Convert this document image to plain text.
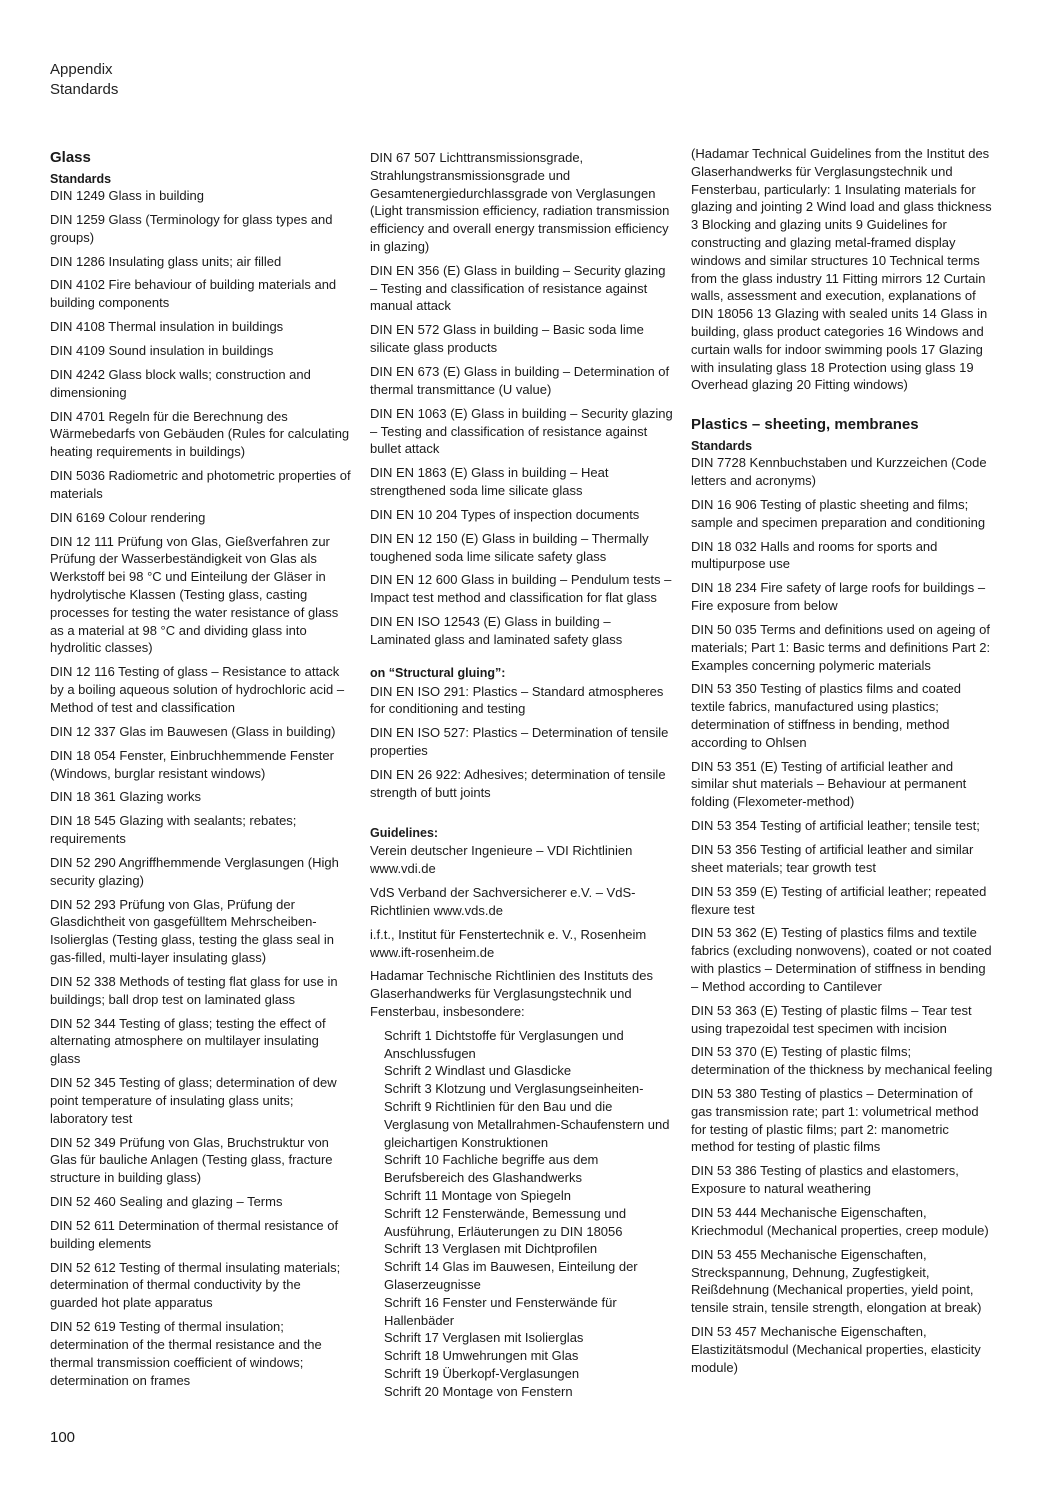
Appendix
Standards
Glass
Standards
DIN 1249 Glass in building
DIN 1259 Glass (Terminology for glass types and groups)
DIN 1286 Insulating glass units; air filled
DIN 4102 Fire behaviour of building materials and building components
DIN 4108 Thermal insulation in buildings
DIN 4109 Sound insulation in buildings
DIN 4242 Glass block walls; construction and dimensioning
DIN 4701 Regeln für die Berechnung des Wärmebedarfs von Gebäuden (Rules for calculating heating requirements in buildings)
DIN 5036 Radiometric and photometric properties of materials
DIN 6169 Colour rendering
DIN 12 111 Prüfung von Glas, Gießverfahren zur Prüfung der Wasserbeständigkeit von Glas als Werkstoff bei 98 °C und Einteilung der Gläser in hydrolytische Klassen (Testing glass, casting processes for testing the water resistance of glass as a material at 98 °C and dividing glass into hydrolitic classes)
DIN 12 116 Testing of glass – Resistance to attack by a boiling aqueous solution of hydrochloric acid – Method of test and classification
DIN 12 337 Glas im Bauwesen (Glass in building)
DIN 18 054 Fenster, Einbruchhemmende Fenster (Windows, burglar resistant windows)
DIN 18 361 Glazing works
DIN 18 545 Glazing with sealants; rebates; requirements
DIN 52 290 Angriffhemmende Verglasungen (High security glazing)
DIN 52 293 Prüfung von Glas, Prüfung der Glasdichtheit von gasgefülltem Mehrscheiben-Isolierglas (Testing glass, testing the glass seal in gas-filled, multi-layer insulating glass)
DIN 52 338 Methods of testing flat glass for use in buildings; ball drop test on laminated glass
DIN 52 344 Testing of glass; testing the effect of alternating atmosphere on multilayer insulating glass
DIN 52 345 Testing of glass; determination of dew point temperature of insulating glass units; laboratory test
DIN 52 349 Prüfung von Glas, Bruchstruktur von Glas für bauliche Anlagen (Testing glass, fracture structure in building glass)
DIN 52 460 Sealing and glazing – Terms
DIN 52 611 Determination of thermal resistance of building elements
DIN 52 612 Testing of thermal insulating materials; determination of thermal conductivity by the guarded hot plate apparatus
DIN 52 619 Testing of thermal insulation; determination of the thermal resistance and the thermal transmission coefficient of windows; determination on frames
DIN 67 507 Lichttransmissionsgrade, Strahlungstransmissionsgrade und Gesamtenergiedurchlassgrade von Verglasungen (Light transmission efficiency, radiation transmission efficiency and overall energy transmission efficiency in glazing)
DIN EN 356 (E) Glass in building – Security glazing – Testing and classification of resistance against manual attack
DIN EN 572 Glass in building – Basic soda lime silicate glass products
DIN EN 673 (E) Glass in building – Determination of thermal transmittance (U value)
DIN EN 1063 (E) Glass in building – Security glazing – Testing and classification of resistance against bullet attack
DIN EN 1863 (E) Glass in building – Heat strengthened soda lime silicate glass
DIN EN 10 204 Types of inspection documents
DIN EN 12 150 (E) Glass in building – Thermally toughened soda lime silicate safety glass
DIN EN 12 600 Glass in building – Pendulum tests – Impact test method and classification for flat glass
DIN EN ISO 12543 (E) Glass in building – Laminated glass and laminated safety glass
on “Structural gluing”:
DIN EN ISO 291: Plastics – Standard atmospheres for conditioning and testing
DIN EN ISO 527: Plastics – Determination of tensile properties
DIN EN 26 922: Adhesives; determination of tensile strength of butt joints
Guidelines:
Verein deutscher Ingenieure – VDI Richtlinien www.vdi.de
VdS Verband der Sachversicherer e.V. – VdS-Richtlinien www.vds.de
i.f.t., Institut für Fenstertechnik e. V., Rosenheim www.ift-rosenheim.de
Hadamar Technische Richtlinien des Instituts des Glaserhandwerks für Verglasungstechnik und Fensterbau, insbesondere:
Schrift 1 Dichtstoffe für Verglasungen und Anschlussfugen
Schrift 2 Windlast und Glasdicke
Schrift 3 Klotzung und Verglasungseinheiten-
Schrift 9 Richtlinien für den Bau und die Verglasung von Metallrahmen-Schaufenstern und gleichartigen Konstruktionen
Schrift 10 Fachliche begriffe aus dem Berufsbereich des Glashandwerks
Schrift 11 Montage von Spiegeln
Schrift 12 Fensterwände, Bemessung und Ausführung, Erläuterungen zu DIN 18056
Schrift 13 Verglasen mit Dichtprofilen
Schrift 14 Glas im Bauwesen, Einteilung der Glaserzeugnisse
Schrift 16 Fenster und Fensterwände für Hallenbäder
Schrift 17 Verglasen mit Isolierglas
Schrift 18 Umwehrungen mit Glas
Schrift 19 Überkopf-Verglasungen
Schrift 20 Montage von Fenstern
(Hadamar Technical Guidelines from the Institut des Glaserhandwerks für Verglasungstechnik und Fensterbau, particularly: 1 Insulating materials for glazing and jointing 2 Wind load and glass thickness 3 Blocking and glazing units 9 Guidelines for constructing and glazing metal-framed display windows and similar structures 10 Technical terms from the glass industry 11 Fitting mirrors 12 Curtain walls, assessment and execution, explanations of DIN 18056 13 Glazing with sealed units 14 Glass in building, glass product categories 16 Windows and curtain walls for indoor swimming pools 17 Glazing with insulating glass 18 Protection using glass 19 Overhead glazing 20 Fitting windows)
Plastics – sheeting, membranes
Standards
DIN 7728 Kennbuchstaben und Kurzzeichen (Code letters and acronyms)
DIN 16 906 Testing of plastic sheeting and films; sample and specimen preparation and conditioning
DIN 18 032 Halls and rooms for sports and multipurpose use
DIN 18 234 Fire safety of large roofs for buildings – Fire exposure from below
DIN 50 035 Terms and definitions used on ageing of materials; Part 1: Basic terms and definitions Part 2: Examples concerning polymeric materials
DIN 53 350 Testing of plastics films and coated textile fabrics, manufactured using plastics; determination of stiffness in bending, method according to Ohlsen
DIN 53 351 (E) Testing of artificial leather and similar shut materials – Behaviour at permanent folding (Flexometer-method)
DIN 53 354 Testing of artificial leather; tensile test;
DIN 53 356 Testing of artificial leather and similar sheet materials; tear growth test
DIN 53 359 (E) Testing of artificial leather; repeated flexure test
DIN 53 362 (E) Testing of plastics films and textile fabrics (excluding nonwovens), coated or not coated with plastics – Determination of stiffness in bending – Method according to Cantilever
DIN 53 363 (E) Testing of plastic films – Tear test using trapezoidal test specimen with incision
DIN 53 370 (E) Testing of plastic films; determination of the thickness by mechanical feeling
DIN 53 380 Testing of plastics – Determination of gas transmission rate; part 1: volumetrical method for testing of plastic films; part 2: manometric method for testing of plastic films
DIN 53 386 Testing of plastics and elastomers, Exposure to natural weathering
DIN 53 444 Mechanische Eigenschaften, Kriechmodul (Mechanical properties, creep module)
DIN 53 455 Mechanische Eigenschaften, Streckspannung, Dehnung, Zugfestigkeit, Reißdehnung (Mechanical properties, yield point, tensile strain, tensile strength, elongation at break)
DIN 53 457 Mechanische Eigenschaften, Elastizitätsmodul (Mechanical properties, elasticity module)
100
